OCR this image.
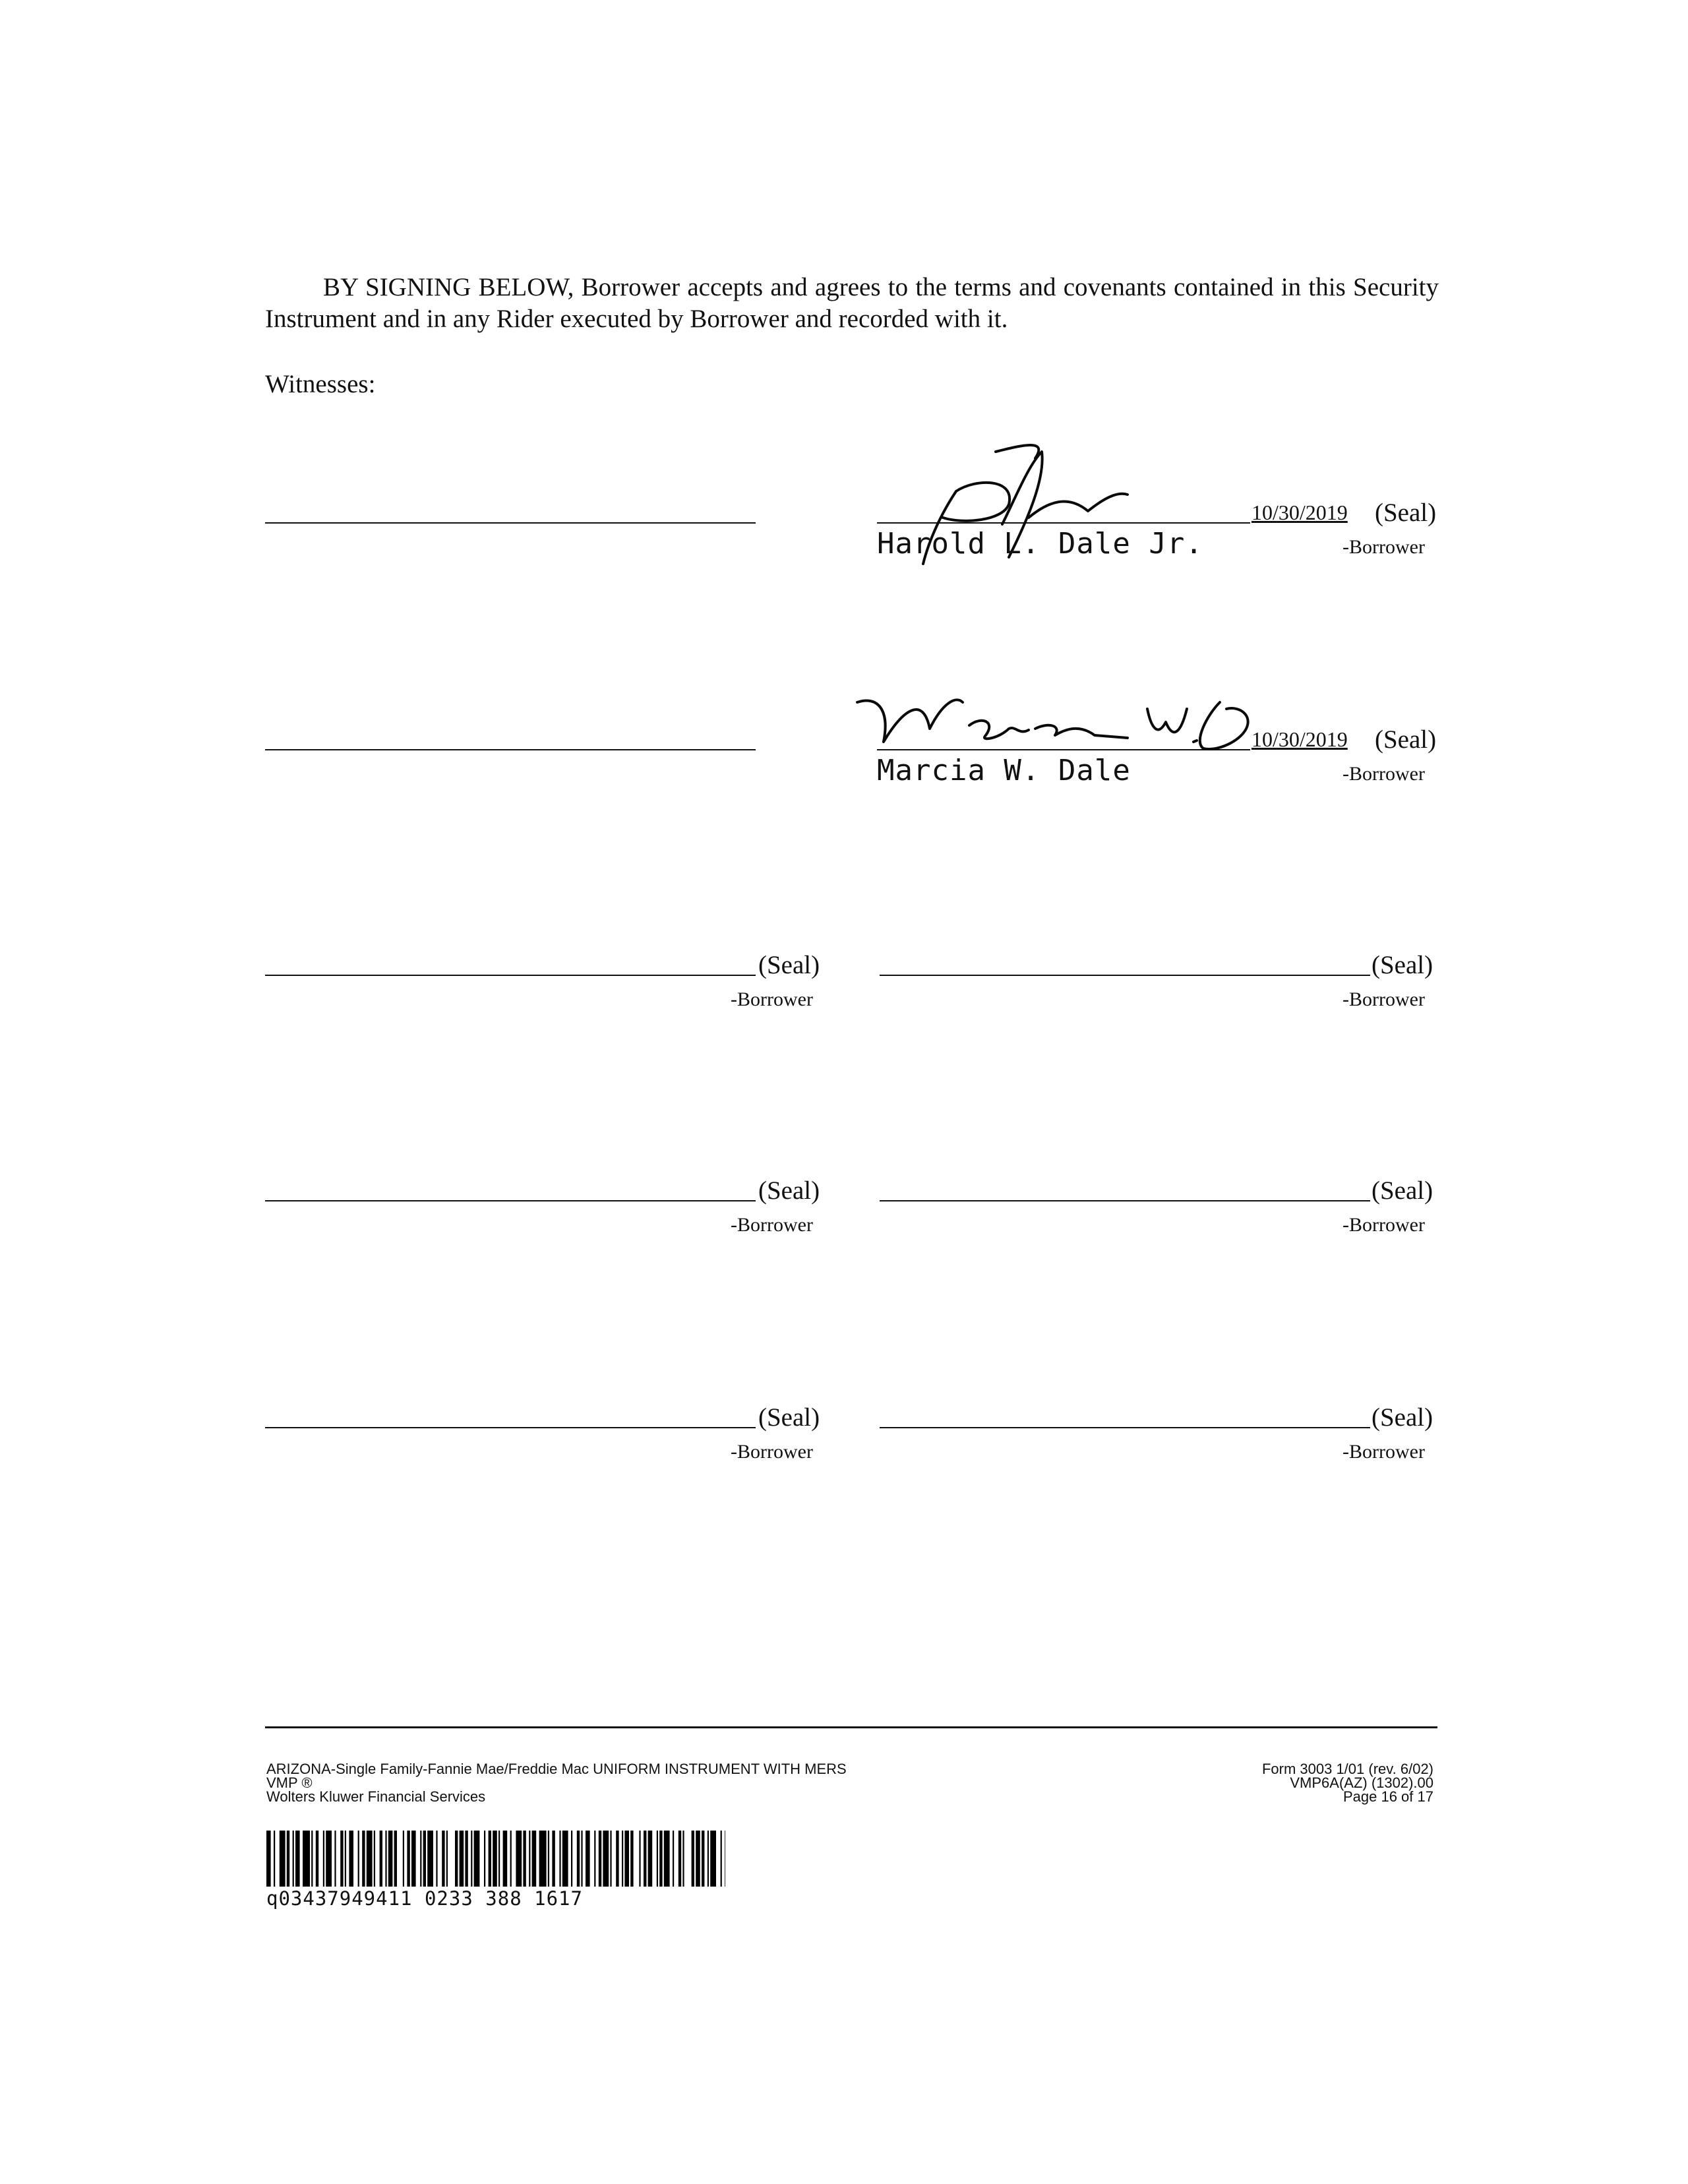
BY SIGNING BELOW, Borrower accepts and agrees to the terms and covenants contained in this Security Instrument and in any Rider executed by Borrower and recorded with it.
Witnesses:
10/30/2019 (Seal)
Harold L. Dale Jr.	-Borrower
10/30/2019 (Seal)
Marcia W. Dale	-Borrower
(Seal)
-Borrower
(Seal)
-Borrower
(Seal)
-Borrower
(Seal)
-Borrower
(Seal)
-Borrower
(Seal)
-Borrower
ARIZONA-Single Family-Fannie Mae/Freddie Mac UNIFORM INSTRUMENT WITH MERS
VMP ®
Wolters Kluwer Financial Services
Form 3003 1/01 (rev. 6/02)
VMP6A(AZ) (1302).00
Page 16 of 17
q03437949411 0233 388 1617
